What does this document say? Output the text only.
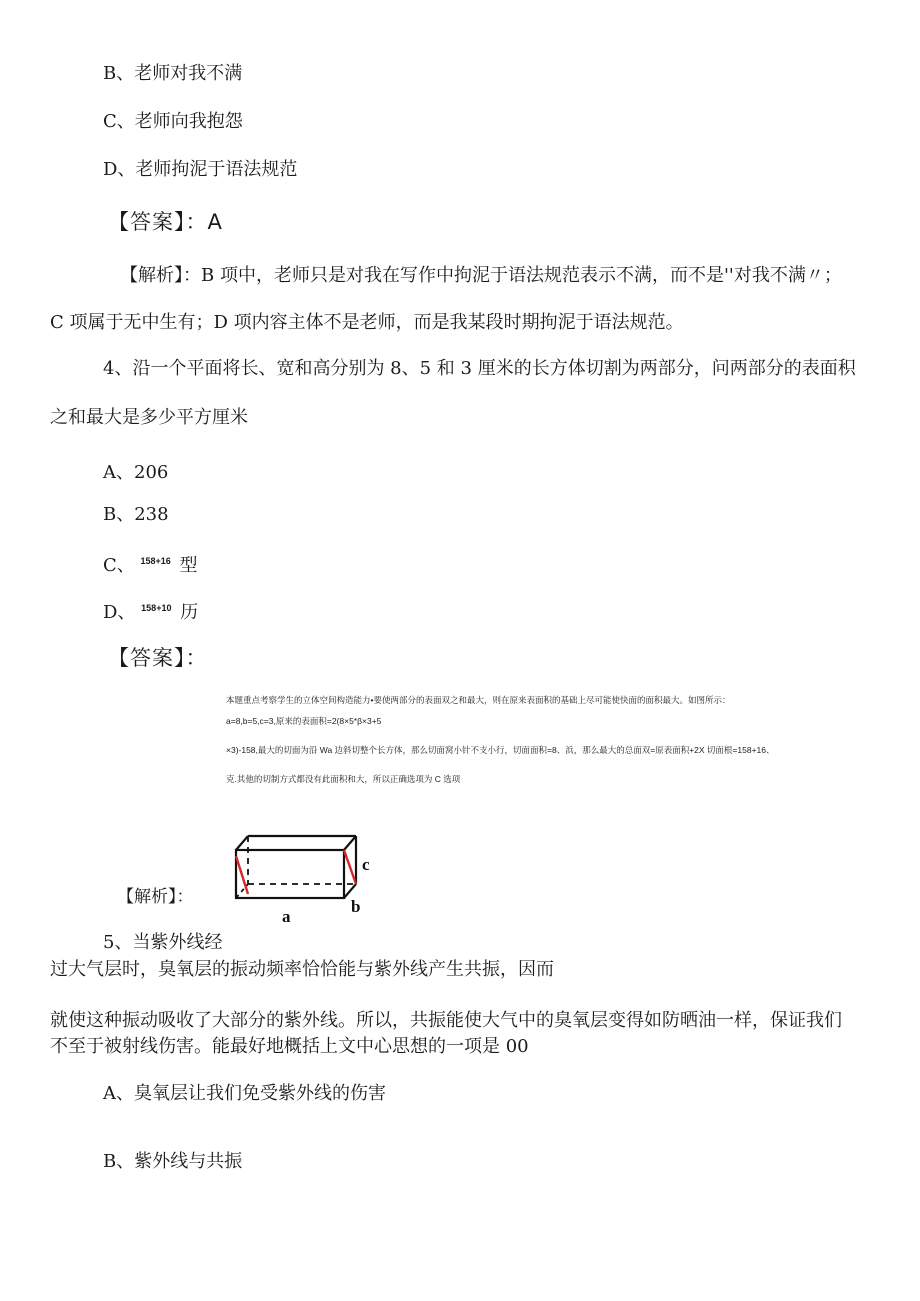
B、老师对我不满
C、老师向我抱怨
D、老师拘泥于语法规范
【答案】：A
【解析】：B 项中，老师只是对我在写作中拘泥于语法规范表示不满，而不是''对我不满〃；
C 项属于无中生有；D 项内容主体不是老师，而是我某段时期拘泥于语法规范。
4、沿一个平面将长、宽和高分别为 8、5 和 3 厘米的长方体切割为两部分，问两部分的表面积
之和最大是多少平方厘米
A、206
B、238
C、 $^{158+16}$ 型
D、 $^{158+10}$ 历
【答案】：
本题重点考察学生的立体空间构造能力•要使两部分的表面双之和最大，则在原来表面积的基础上尽可能使快面的面积最大。如图所示：
a=8,b=5,c=3,原来的表面积=2(8×5*β×3+5
×3)-158,最大的切面为沿 Wa 边斜切整个长方体，那么切面窝小针不支小行，切面面积=8、浜，那么最大的总面双=原表面积+2X 切面根=158+16、
克.其他的切制方式都没有此面积和大，所以正确选项为 C 选项
【解析】：
c
b
a
5、当紫外线经
过大气层时，臭氧层的振动频率恰恰能与紫外线产生共振，因而
就使这种振动吸收了大部分的紫外线。所以，共振能使大气中的臭氧层变得如防晒油一样，保证我们
不至于被射线伤害。能最好地概括上文中心思想的一项是 00
A、臭氧层让我们免受紫外线的伤害
B、紫外线与共振
